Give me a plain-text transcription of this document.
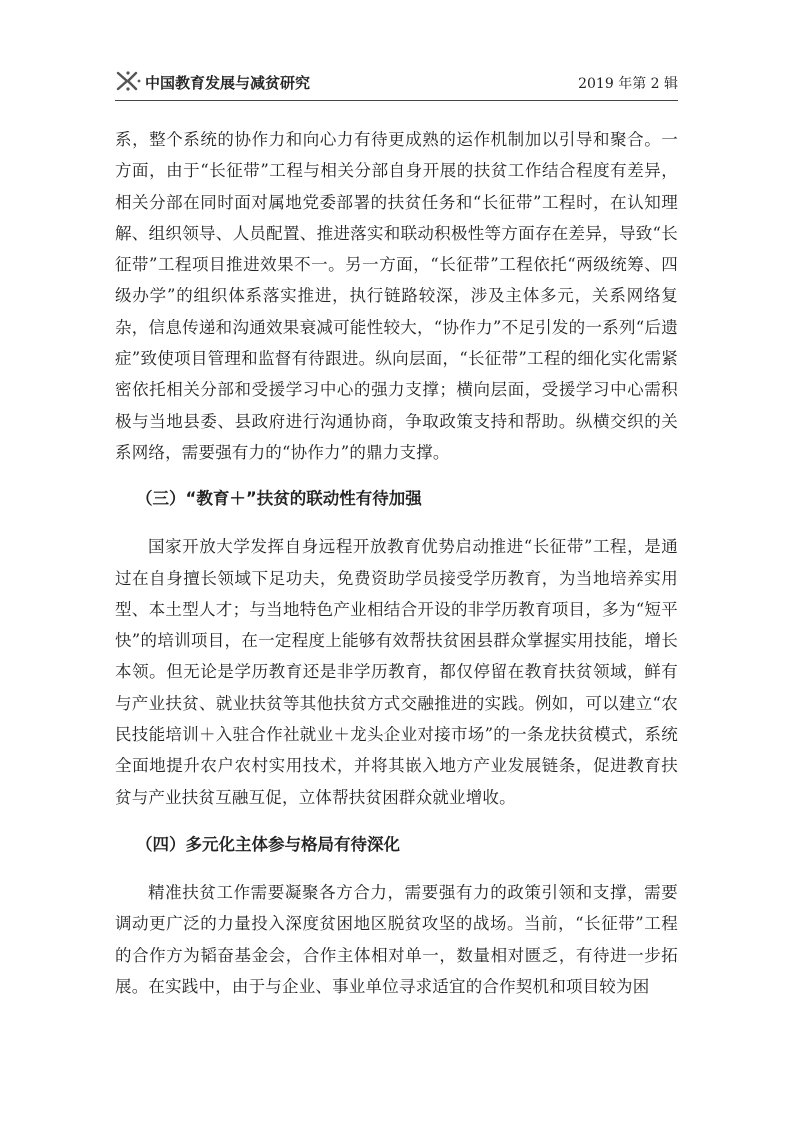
中国教育发展与减贫研究	2019 年第 2 辑

系，整个系统的协作力和向心力有待更成熟的运作机制加以引导和聚合。一方面，由于“长征带”工程与相关分部自身开展的扶贫工作结合程度有差异，相关分部在同时面对属地党委部署的扶贫任务和“长征带”工程时，在认知理解、组织领导、人员配置、推进落实和联动积极性等方面存在差异，导致“长征带”工程项目推进效果不一。另一方面，“长征带”工程依托“两级统筹、四级办学”的组织体系落实推进，执行链路较深，涉及主体多元，关系网络复杂，信息传递和沟通效果衰减可能性较大，“协作力”不足引发的一系列“后遗症”致使项目管理和监督有待跟进。纵向层面，“长征带”工程的细化实化需紧密依托相关分部和受援学习中心的强力支撑；横向层面，受援学习中心需积极与当地县委、县政府进行沟通协商，争取政策支持和帮助。纵横交织的关系网络，需要强有力的“协作力”的鼎力支撑。

（三）“教育＋”扶贫的联动性有待加强

国家开放大学发挥自身远程开放教育优势启动推进“长征带”工程，是通过在自身擅长领域下足功夫，免费资助学员接受学历教育，为当地培养实用型、本土型人才；与当地特色产业相结合开设的非学历教育项目，多为“短平快”的培训项目，在一定程度上能够有效帮扶贫困县群众掌握实用技能，增长本领。但无论是学历教育还是非学历教育，都仅停留在教育扶贫领域，鲜有与产业扶贫、就业扶贫等其他扶贫方式交融推进的实践。例如，可以建立“农民技能培训＋入驻合作社就业＋龙头企业对接市场”的一条龙扶贫模式，系统全面地提升农户农村实用技术，并将其嵌入地方产业发展链条，促进教育扶贫与产业扶贫互融互促，立体帮扶贫困群众就业增收。

（四）多元化主体参与格局有待深化

精准扶贫工作需要凝聚各方合力，需要强有力的政策引领和支撑，需要调动更广泛的力量投入深度贫困地区脱贫攻坚的战场。当前，“长征带”工程的合作方为韬奋基金会，合作主体相对单一，数量相对匮乏，有待进一步拓展。在实践中，由于与企业、事业单位寻求适宜的合作契机和项目较为困
